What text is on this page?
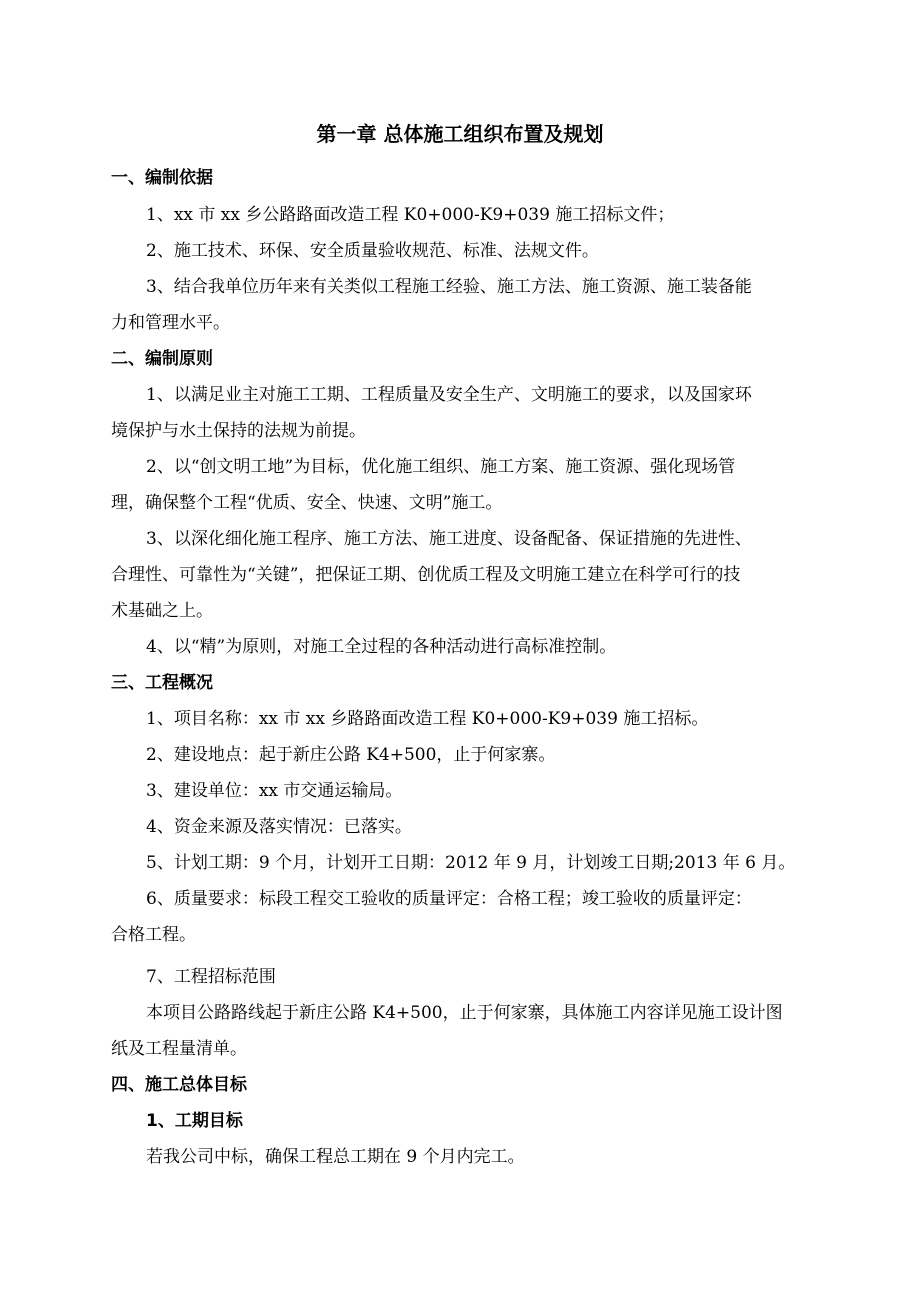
第一章 总体施工组织布置及规划
一、编制依据
1、xx 市 xx 乡公路路面改造工程 K0+000-K9+039 施工招标文件；
2、施工技术、环保、安全质量验收规范、标准、法规文件。
3、结合我单位历年来有关类似工程施工经验、施工方法、施工资源、施工装备能
力和管理水平。
二、编制原则
1、以满足业主对施工工期、工程质量及安全生产、文明施工的要求，以及国家环
境保护与水土保持的法规为前提。
2、以“创文明工地”为目标，优化施工组织、施工方案、施工资源、强化现场管
理，确保整个工程“优质、安全、快速、文明”施工。
3、以深化细化施工程序、施工方法、施工进度、设备配备、保证措施的先进性、
合理性、可靠性为“关键”，把保证工期、创优质工程及文明施工建立在科学可行的技
术基础之上。
4、以“精”为原则，对施工全过程的各种活动进行高标准控制。
三、工程概况
1、项目名称：xx 市 xx 乡路路面改造工程 K0+000-K9+039 施工招标。
2、建设地点：起于新庄公路 K4+500，止于何家寨。
3、建设单位：xx 市交通运输局。
4、资金来源及落实情况：已落实。
5、计划工期：9 个月，计划开工日期：2012 年 9 月，计划竣工日期;2013 年 6 月。
6、质量要求：标段工程交工验收的质量评定：合格工程；竣工验收的质量评定：
合格工程。
7、工程招标范围
本项目公路路线起于新庄公路 K4+500，止于何家寨，具体施工内容详见施工设计图
纸及工程量清单。
四、施工总体目标
1、工期目标
若我公司中标，确保工程总工期在 9 个月内完工。
